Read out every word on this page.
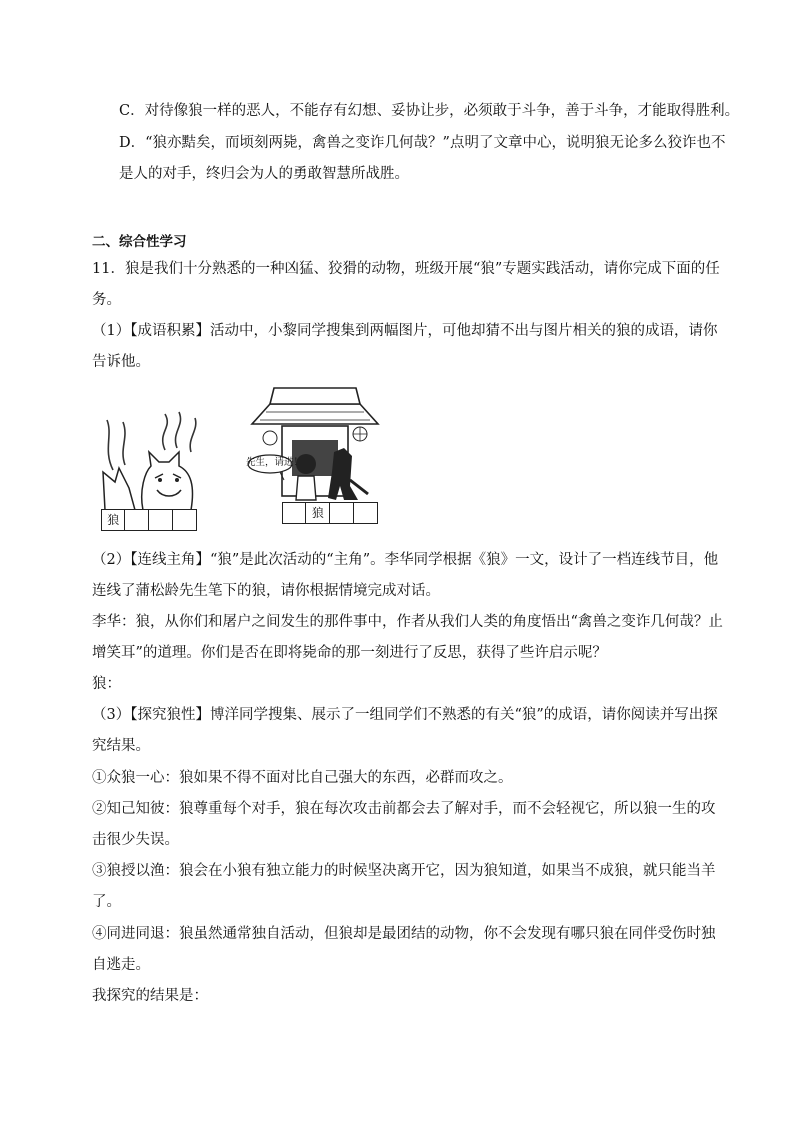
C．对待像狼一样的恶人，不能存有幻想、妥协让步，必须敢于斗争，善于斗争，才能取得胜利。
D．“狼亦黠矣，而顷刻两毙，禽兽之变诈几何哉？”点明了文章中心，说明狼无论多么狡诈也不
是人的对手，终归会为人的勇敢智慧所战胜。
二、综合性学习
11．狼是我们十分熟悉的一种凶猛、狡猾的动物，班级开展“狼”专题实践活动，请你完成下面的任
务。
（1）【成语积累】活动中，小黎同学搜集到两幅图片，可他却猜不出与图片相关的狼的成语，请你
告诉他。
狼
先生，请进！
狼
（2）【连线主角】“狼”是此次活动的“主角”。李华同学根据《狼》一文，设计了一档连线节目，他
连线了蒲松龄先生笔下的狼，请你根据情境完成对话。
李华：狼，从你们和屠户之间发生的那件事中，作者从我们人类的角度悟出“禽兽之变诈几何哉？止
增笑耳”的道理。你们是否在即将毙命的那一刻进行了反思，获得了些许启示呢？
狼：
（3）【探究狼性】博洋同学搜集、展示了一组同学们不熟悉的有关“狼”的成语，请你阅读并写出探
究结果。
①众狼一心：狼如果不得不面对比自己强大的东西，必群而攻之。
②知己知彼：狼尊重每个对手，狼在每次攻击前都会去了解对手，而不会轻视它，所以狼一生的攻
击很少失误。
③狼授以渔：狼会在小狼有独立能力的时候坚决离开它，因为狼知道，如果当不成狼，就只能当羊
了。
④同进同退：狼虽然通常独自活动，但狼却是最团结的动物，你不会发现有哪只狼在同伴受伤时独
自逃走。
我探究的结果是：
